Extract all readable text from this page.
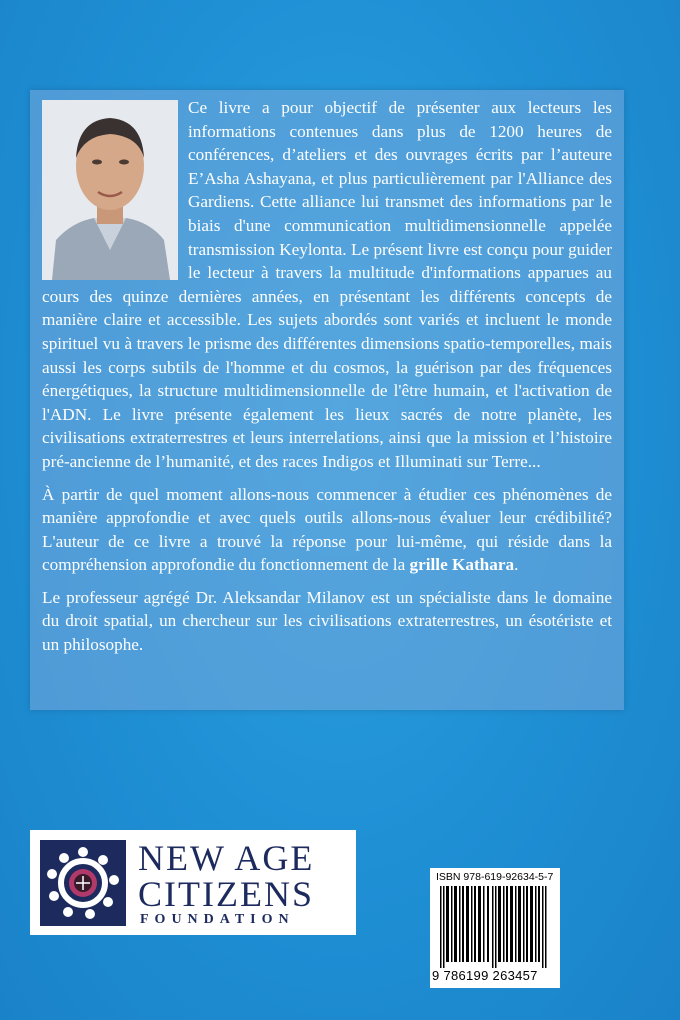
Ce livre a pour objectif de présenter aux lecteurs les informations contenues dans plus de 1200 heures de conférences, d’ateliers et des ouvrages écrits par l’auteure E’Asha Ashayana, et plus particulièrement par l'Alliance des Gardiens. Cette alliance lui transmet des informations par le biais d'une communication multidimensionnelle appelée transmission Keylonta. Le présent livre est conçu pour guider le lecteur à travers la multitude d'informations apparues au cours des quinze dernières années, en présentant les différents concepts de manière claire et accessible. Les sujets abordés sont variés et incluent le monde spirituel vu à travers le prisme des différentes dimensions spatio-temporelles, mais aussi les corps subtils de l'homme et du cosmos, la guérison par des fréquences énergétiques, la structure multidimensionnelle de l'être humain, et l'activation de l'ADN. Le livre présente également les lieux sacrés de notre planète, les civilisations extraterrestres et leurs interrelations, ainsi que la mission et l’histoire pré-ancienne de l’humanité, et des races Indigos et Illuminati sur Terre...

À partir de quel moment allons-nous commencer à étudier ces phénomènes de manière approfondie et avec quels outils allons-nous évaluer leur crédibilité? L'auteur de ce livre a trouvé la réponse pour lui-même, qui réside dans la compréhension approfondie du fonctionnement de la grille Kathara.

Le professeur agrégé Dr. Aleksandar Milanov est un spécialiste dans le domaine du droit spatial, un chercheur sur les civilisations extraterrestres, un ésotériste et un philosophe.

NEW AGE
CITIZENS
FOUNDATION
ISBN 978-619-92634-5-7
9 786199 263457
